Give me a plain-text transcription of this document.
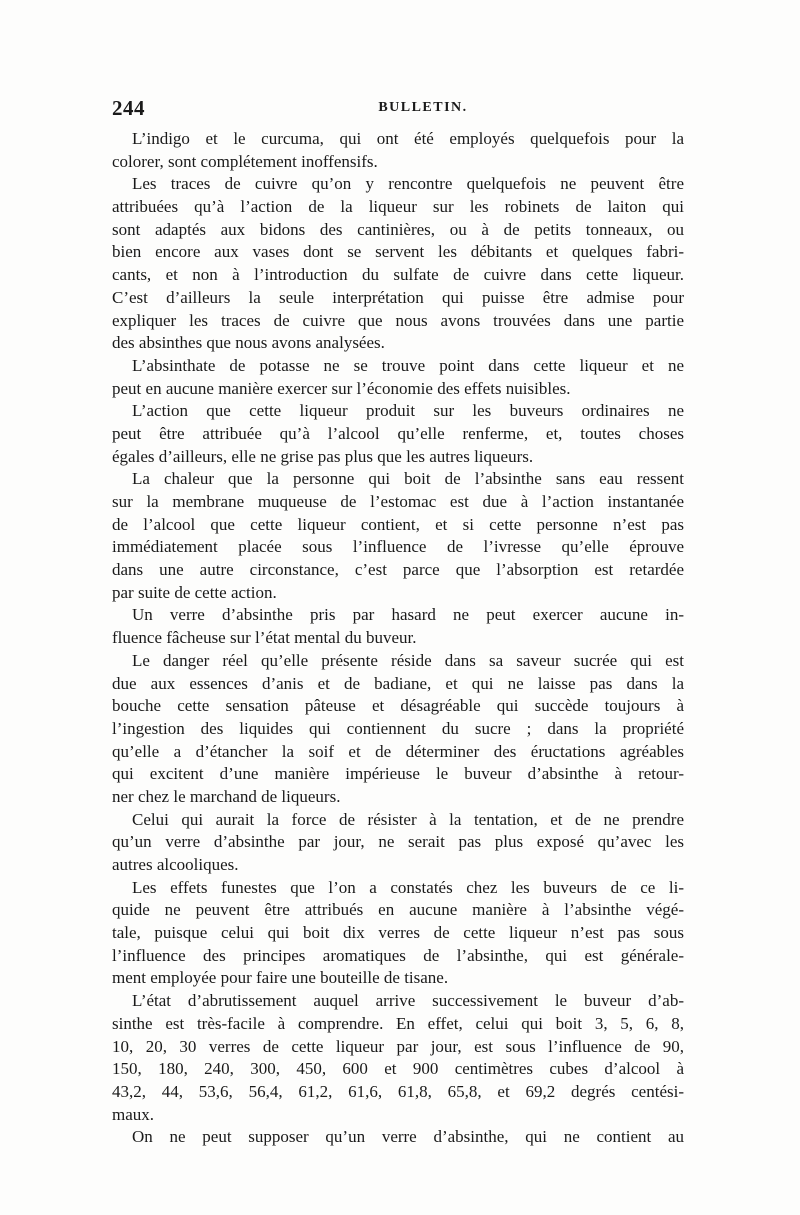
244	BULLETIN.
L’indigo et le curcuma, qui ont été employés quelquefois pour la
colorer, sont complétement inoffensifs.
Les traces de cuivre qu’on y rencontre quelquefois ne peuvent être
attribuées qu’à l’action de la liqueur sur les robinets de laiton qui
sont adaptés aux bidons des cantinières, ou à de petits tonneaux, ou
bien encore aux vases dont se servent les débitants et quelques fabri-
cants, et non à l’introduction du sulfate de cuivre dans cette liqueur.
C’est d’ailleurs la seule interprétation qui puisse être admise pour
expliquer les traces de cuivre que nous avons trouvées dans une partie
des absinthes que nous avons analysées.
L’absinthate de potasse ne se trouve point dans cette liqueur et ne
peut en aucune manière exercer sur l’économie des effets nuisibles.
L’action que cette liqueur produit sur les buveurs ordinaires ne
peut être attribuée qu’à l’alcool qu’elle renferme, et, toutes choses
égales d’ailleurs, elle ne grise pas plus que les autres liqueurs.
La chaleur que la personne qui boit de l’absinthe sans eau ressent
sur la membrane muqueuse de l’estomac est due à l’action instantanée
de l’alcool que cette liqueur contient, et si cette personne n’est pas
immédiatement placée sous l’influence de l’ivresse qu’elle éprouve
dans une autre circonstance, c’est parce que l’absorption est retardée
par suite de cette action.
Un verre d’absinthe pris par hasard ne peut exercer aucune in-
fluence fâcheuse sur l’état mental du buveur.
Le danger réel qu’elle présente réside dans sa saveur sucrée qui est
due aux essences d’anis et de badiane, et qui ne laisse pas dans la
bouche cette sensation pâteuse et désagréable qui succède toujours à
l’ingestion des liquides qui contiennent du sucre ; dans la propriété
qu’elle a d’étancher la soif et de déterminer des éructations agréables
qui excitent d’une manière impérieuse le buveur d’absinthe à retour-
ner chez le marchand de liqueurs.
Celui qui aurait la force de résister à la tentation, et de ne prendre
qu’un verre d’absinthe par jour, ne serait pas plus exposé qu’avec les
autres alcooliques.
Les effets funestes que l’on a constatés chez les buveurs de ce li-
quide ne peuvent être attribués en aucune manière à l’absinthe végé-
tale, puisque celui qui boit dix verres de cette liqueur n’est pas sous
l’influence des principes aromatiques de l’absinthe, qui est générale-
ment employée pour faire une bouteille de tisane.
L’état d’abrutissement auquel arrive successivement le buveur d’ab-
sinthe est très-facile à comprendre. En effet, celui qui boit 3, 5, 6, 8,
10, 20, 30 verres de cette liqueur par jour, est sous l’influence de 90,
150, 180, 240, 300, 450, 600 et 900 centimètres cubes d’alcool à
43,2, 44, 53,6, 56,4, 61,2, 61,6, 61,8, 65,8, et 69,2 degrés centési-
maux.
On ne peut supposer qu’un verre d’absinthe, qui ne contient au
